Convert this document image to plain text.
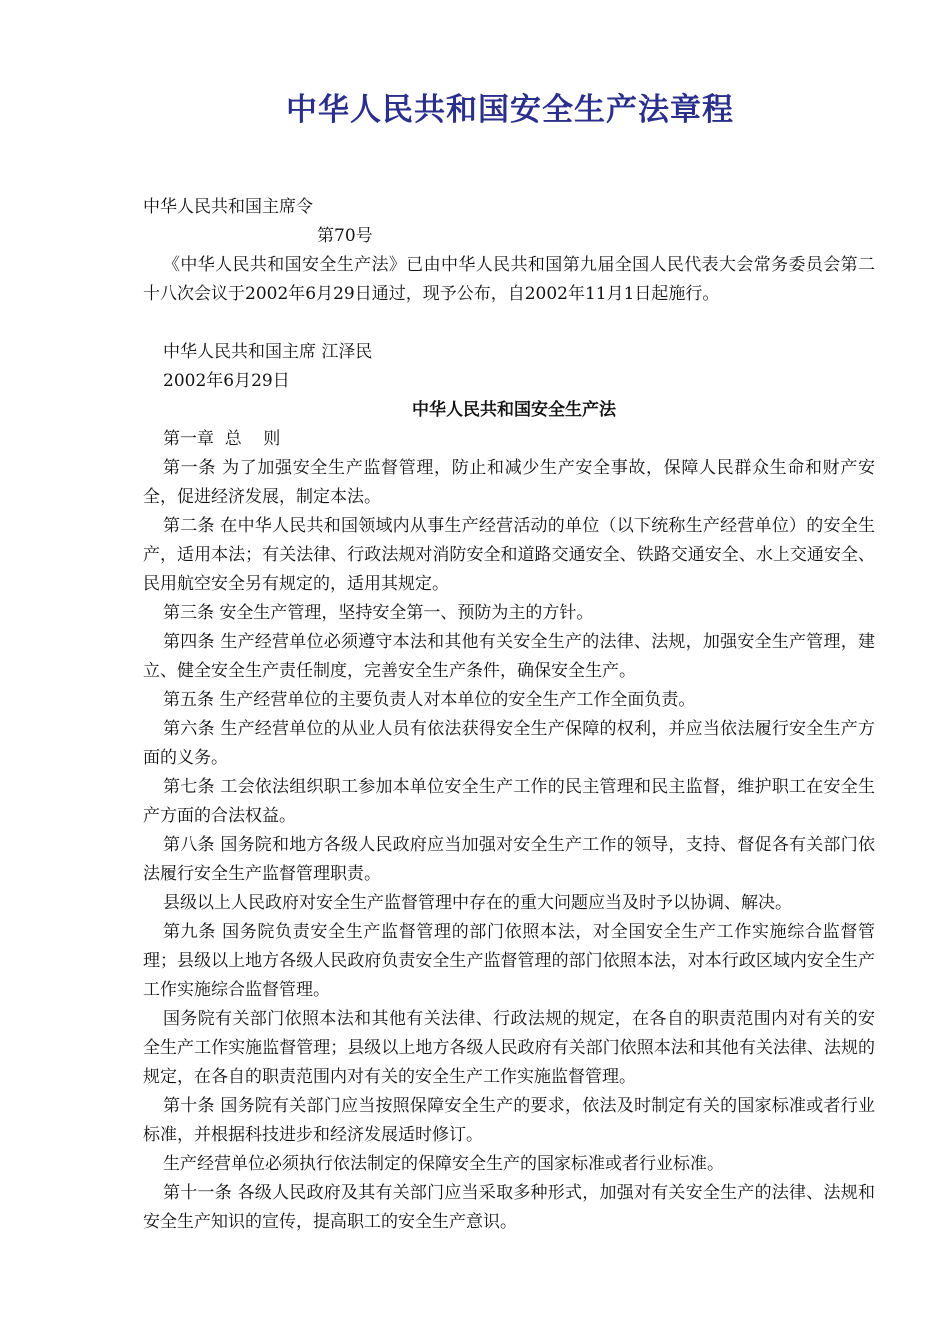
中华人民共和国安全生产法章程
中华人民共和国主席令
第70号
《中华人民共和国安全生产法》已由中华人民共和国第九届全国人民代表大会常务委员会第二十八次会议于2002年6月29日通过，现予公布，自2002年11月1日起施行。
中华人民共和国主席 江泽民
2002年6月29日
中华人民共和国安全生产法
第一章  总    则
第一条 为了加强安全生产监督管理，防止和减少生产安全事故，保障人民群众生命和财产安全，促进经济发展，制定本法。
第二条 在中华人民共和国领域内从事生产经营活动的单位（以下统称生产经营单位）的安全生产，适用本法；有关法律、行政法规对消防安全和道路交通安全、铁路交通安全、水上交通安全、民用航空安全另有规定的，适用其规定。
第三条 安全生产管理，坚持安全第一、预防为主的方针。
第四条 生产经营单位必须遵守本法和其他有关安全生产的法律、法规，加强安全生产管理，建立、健全安全生产责任制度，完善安全生产条件，确保安全生产。
第五条 生产经营单位的主要负责人对本单位的安全生产工作全面负责。
第六条 生产经营单位的从业人员有依法获得安全生产保障的权利，并应当依法履行安全生产方面的义务。
第七条 工会依法组织职工参加本单位安全生产工作的民主管理和民主监督，维护职工在安全生产方面的合法权益。
第八条 国务院和地方各级人民政府应当加强对安全生产工作的领导，支持、督促各有关部门依法履行安全生产监督管理职责。
县级以上人民政府对安全生产监督管理中存在的重大问题应当及时予以协调、解决。
第九条 国务院负责安全生产监督管理的部门依照本法，对全国安全生产工作实施综合监督管理；县级以上地方各级人民政府负责安全生产监督管理的部门依照本法，对本行政区域内安全生产工作实施综合监督管理。
国务院有关部门依照本法和其他有关法律、行政法规的规定，在各自的职责范围内对有关的安全生产工作实施监督管理；县级以上地方各级人民政府有关部门依照本法和其他有关法律、法规的规定，在各自的职责范围内对有关的安全生产工作实施监督管理。
第十条 国务院有关部门应当按照保障安全生产的要求，依法及时制定有关的国家标准或者行业标准，并根据科技进步和经济发展适时修订。
生产经营单位必须执行依法制定的保障安全生产的国家标准或者行业标准。
第十一条 各级人民政府及其有关部门应当采取多种形式，加强对有关安全生产的法律、法规和安全生产知识的宣传，提高职工的安全生产意识。
